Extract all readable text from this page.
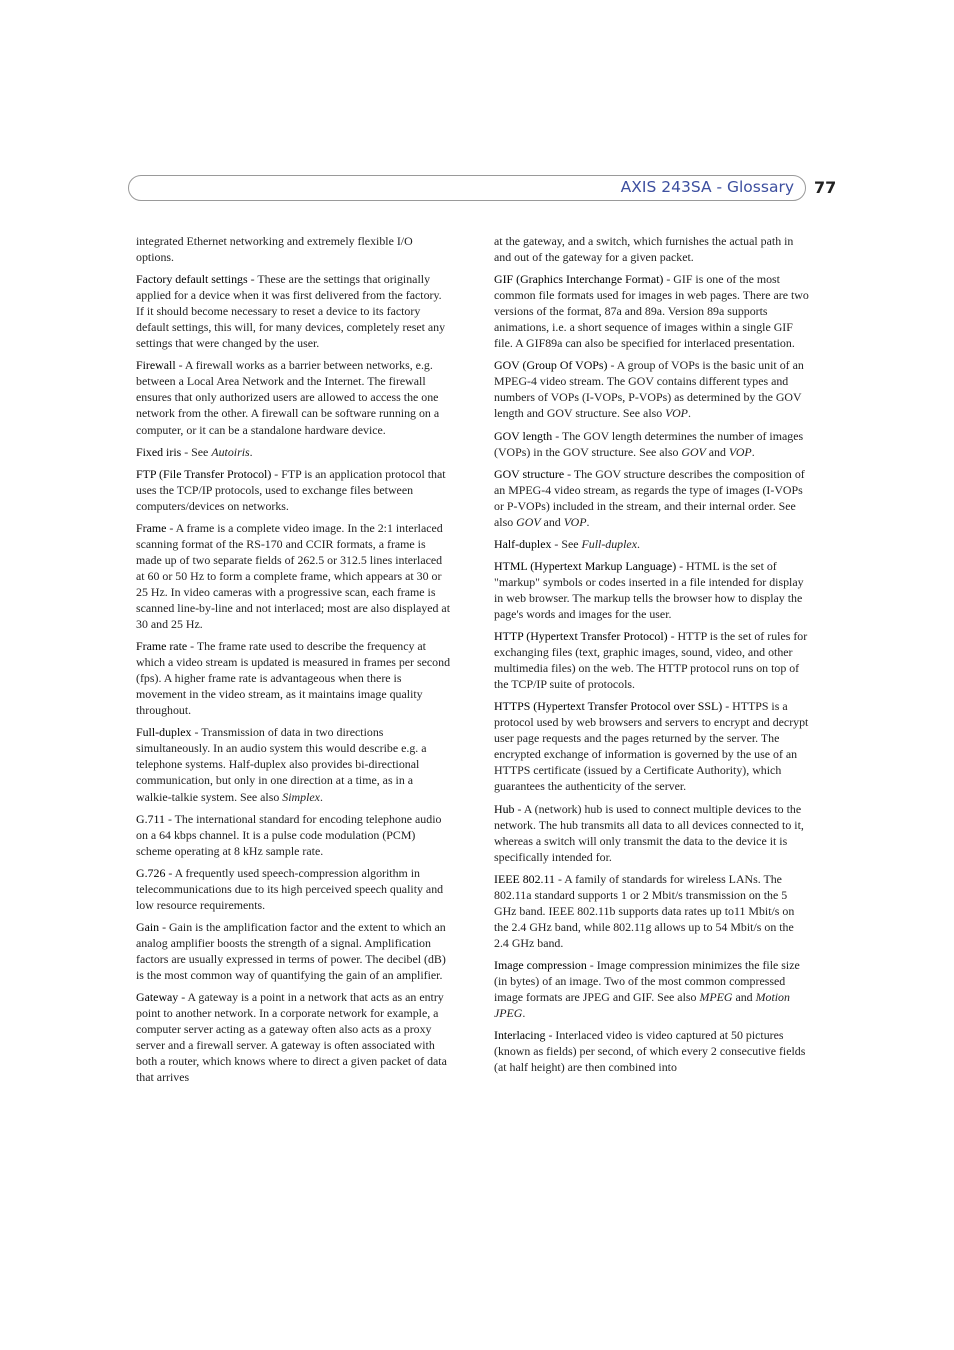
AXIS 243SA - Glossary 77

integrated Ethernet networking and extremely flexible I/O options.

Factory default settings - These are the settings that originally applied for a device when it was first delivered from the factory. If it should become necessary to reset a device to its factory default settings, this will, for many devices, completely reset any settings that were changed by the user.

Firewall - A firewall works as a barrier between networks, e.g. between a Local Area Network and the Internet. The firewall ensures that only authorized users are allowed to access the one network from the other. A firewall can be software running on a computer, or it can be a standalone hardware device.

Fixed iris - See Autoiris.

FTP (File Transfer Protocol) - FTP is an application protocol that uses the TCP/IP protocols, used to exchange files between computers/devices on networks.

Frame - A frame is a complete video image. In the 2:1 interlaced scanning format of the RS-170 and CCIR formats, a frame is made up of two separate fields of 262.5 or 312.5 lines interlaced at 60 or 50 Hz to form a complete frame, which appears at 30 or 25 Hz. In video cameras with a progressive scan, each frame is scanned line-by-line and not interlaced; most are also displayed at 30 and 25 Hz.

Frame rate - The frame rate used to describe the frequency at which a video stream is updated is measured in frames per second (fps). A higher frame rate is advantageous when there is movement in the video stream, as it maintains image quality throughout.

Full-duplex - Transmission of data in two directions simultaneously. In an audio system this would describe e.g. a telephone systems. Half-duplex also provides bi-directional communication, but only in one direction at a time, as in a walkie-talkie system. See also Simplex.

G.711 - The international standard for encoding telephone audio on a 64 kbps channel. It is a pulse code modulation (PCM) scheme operating at 8 kHz sample rate.

G.726 - A frequently used speech-compression algorithm in telecommunications due to its high perceived speech quality and low resource requirements.

Gain - Gain is the amplification factor and the extent to which an analog amplifier boosts the strength of a signal. Amplification factors are usually expressed in terms of power. The decibel (dB) is the most common way of quantifying the gain of an amplifier.

Gateway - A gateway is a point in a network that acts as an entry point to another network. In a corporate network for example, a computer server acting as a gateway often also acts as a proxy server and a firewall server. A gateway is often associated with both a router, which knows where to direct a given packet of data that arrives

at the gateway, and a switch, which furnishes the actual path in and out of the gateway for a given packet.

GIF (Graphics Interchange Format) - GIF is one of the most common file formats used for images in web pages. There are two versions of the format, 87a and 89a. Version 89a supports animations, i.e. a short sequence of images within a single GIF file. A GIF89a can also be specified for interlaced presentation.

GOV (Group Of VOPs) - A group of VOPs is the basic unit of an MPEG-4 video stream. The GOV contains different types and numbers of VOPs (I-VOPs, P-VOPs) as determined by the GOV length and GOV structure. See also VOP.

GOV length - The GOV length determines the number of images (VOPs) in the GOV structure. See also GOV and VOP.

GOV structure - The GOV structure describes the composition of an MPEG-4 video stream, as regards the type of images (I-VOPs or P-VOPs) included in the stream, and their internal order. See also GOV and VOP.

Half-duplex - See Full-duplex.

HTML (Hypertext Markup Language) - HTML is the set of "markup" symbols or codes inserted in a file intended for display in web browser. The markup tells the browser how to display the page's words and images for the user.

HTTP (Hypertext Transfer Protocol) - HTTP is the set of rules for exchanging files (text, graphic images, sound, video, and other multimedia files) on the web. The HTTP protocol runs on top of the TCP/IP suite of protocols.

HTTPS (Hypertext Transfer Protocol over SSL) - HTTPS is a protocol used by web browsers and servers to encrypt and decrypt user page requests and the pages returned by the server. The encrypted exchange of information is governed by the use of an HTTPS certificate (issued by a Certificate Authority), which guarantees the authenticity of the server.

Hub - A (network) hub is used to connect multiple devices to the network. The hub transmits all data to all devices connected to it, whereas a switch will only transmit the data to the device it is specifically intended for.

IEEE 802.11 - A family of standards for wireless LANs. The 802.11a standard supports 1 or 2 Mbit/s transmission on the 5 GHz band. IEEE 802.11b supports data rates up to11 Mbit/s on the 2.4 GHz band, while 802.11g allows up to 54 Mbit/s on the 2.4 GHz band.

Image compression - Image compression minimizes the file size (in bytes) of an image. Two of the most common compressed image formats are JPEG and GIF. See also MPEG and Motion JPEG.

Interlacing - Interlaced video is video captured at 50 pictures (known as fields) per second, of which every 2 consecutive fields (at half height) are then combined into
